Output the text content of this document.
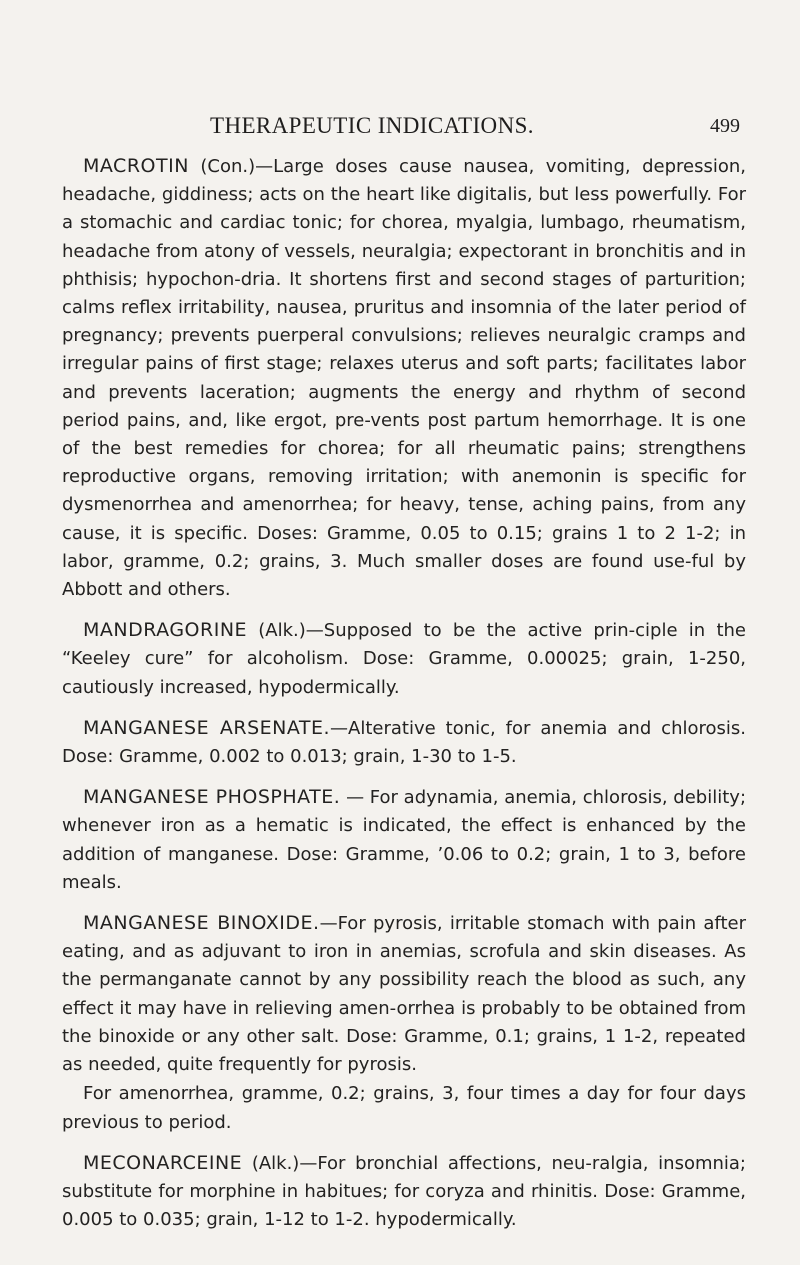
THERAPEUTIC INDICATIONS.	499

MACROTIN (Con.)—Large doses cause nausea, vomiting, depression, headache, giddiness; acts on the heart like digitalis, but less powerfully. For a stomachic and cardiac tonic; for chorea, myalgia, lumbago, rheumatism, headache from atony of vessels, neuralgia; expectorant in bronchitis and in phthisis; hypochon-dria. It shortens first and second stages of parturition; calms reflex irritability, nausea, pruritus and insomnia of the later period of pregnancy; prevents puerperal convulsions; relieves neuralgic cramps and irregular pains of first stage; relaxes uterus and soft parts; facilitates labor and prevents laceration; augments the energy and rhythm of second period pains, and, like ergot, pre-vents post partum hemorrhage. It is one of the best remedies for chorea; for all rheumatic pains; strengthens reproductive organs, removing irritation; with anemonin is specific for dysmenorrhea and amenorrhea; for heavy, tense, aching pains, from any cause, it is specific. Doses: Gramme, 0.05 to 0.15; grains 1 to 2 1-2; in labor, gramme, 0.2; grains, 3. Much smaller doses are found use-ful by Abbott and others.

MANDRAGORINE (Alk.)—Supposed to be the active prin-ciple in the “Keeley cure” for alcoholism. Dose: Gramme, 0.00025; grain, 1-250, cautiously increased, hypodermically.

MANGANESE ARSENATE.—Alterative tonic, for anemia and chlorosis. Dose: Gramme, 0.002 to 0.013; grain, 1-30 to 1-5.

MANGANESE PHOSPHATE. — For adynamia, anemia, chlorosis, debility; whenever iron as a hematic is indicated, the effect is enhanced by the addition of manganese. Dose: Gramme, ’0.06 to 0.2; grain, 1 to 3, before meals.

MANGANESE BINOXIDE.—For pyrosis, irritable stomach with pain after eating, and as adjuvant to iron in anemias, scrofula and skin diseases. As the permanganate cannot by any possibility reach the blood as such, any effect it may have in relieving amen-orrhea is probably to be obtained from the binoxide or any other salt. Dose: Gramme, 0.1; grains, 1 1-2, repeated as needed, quite frequently for pyrosis.

For amenorrhea, gramme, 0.2; grains, 3, four times a day for four days previous to period.

MECONARCEINE (Alk.)—For bronchial affections, neu-ralgia, insomnia; substitute for morphine in habitues; for coryza and rhinitis. Dose: Gramme, 0.005 to 0.035; grain, 1-12 to 1-2. hypodermically.
